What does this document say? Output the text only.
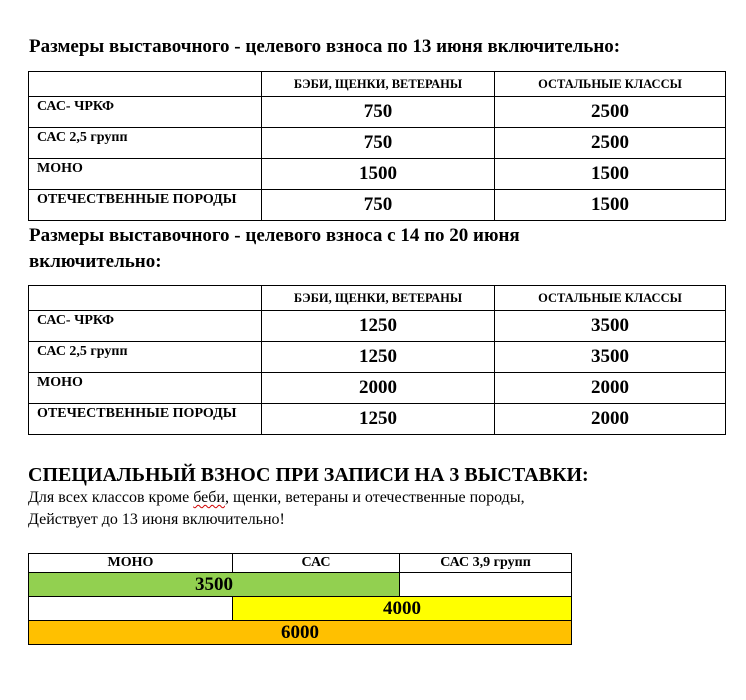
Размеры выставочного - целевого взноса по 13 июня включительно:
	БЭБИ, ЩЕНКИ, ВЕТЕРАНЫ	ОСТАЛЬНЫЕ КЛАССЫ
САС- ЧРКФ	750	2500
САС 2,5 групп	750	2500
МОНО	1500	1500
ОТЕЧЕСТВЕННЫЕ ПОРОДЫ	750	1500
Размеры выставочного - целевого взноса с 14 по 20 июня
включительно:
	БЭБИ, ЩЕНКИ, ВЕТЕРАНЫ	ОСТАЛЬНЫЕ КЛАССЫ
САС- ЧРКФ	1250	3500
САС 2,5 групп	1250	3500
МОНО	2000	2000
ОТЕЧЕСТВЕННЫЕ ПОРОДЫ	1250	2000
СПЕЦИАЛЬНЫЙ ВЗНОС ПРИ ЗАПИСИ НА 3 ВЫСТАВКИ:
Для всех классов кроме беби, щенки, ветераны и отечественные породы,
Действует до 13 июня включительно!
МОНО	САС	САС 3,9 групп
3500		
	4000	
6000		
